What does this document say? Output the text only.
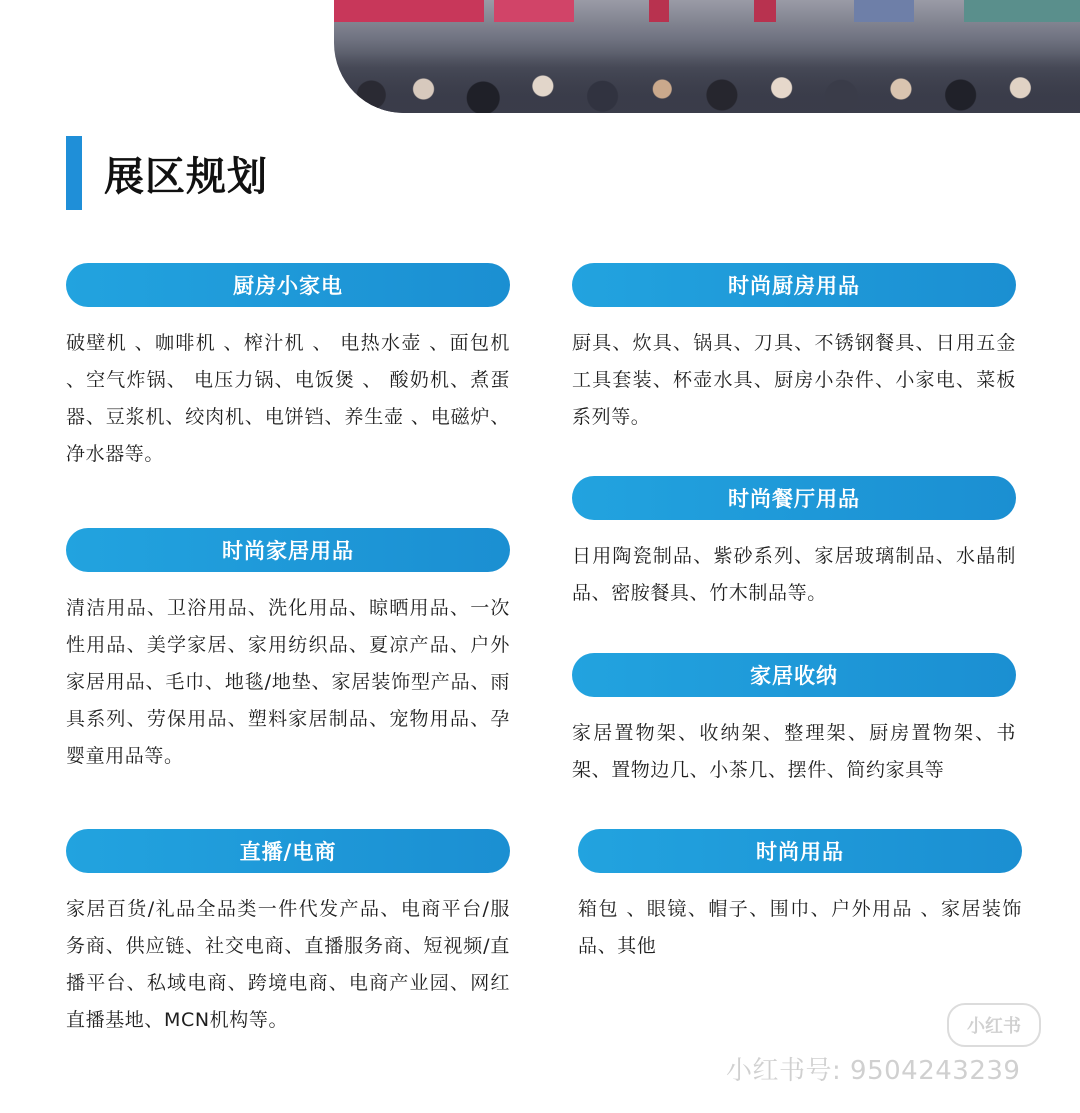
展区规划
厨房小家电
破壁机 、咖啡机 、榨汁机 、 电热水壶 、面包机 、空气炸锅、 电压力锅、电饭煲 、 酸奶机、煮蛋器、豆浆机、绞肉机、电饼铛、养生壶 、电磁炉、净水器等。
时尚家居用品
清洁用品、卫浴用品、洗化用品、晾晒用品、一次性用品、美学家居、家用纺织品、夏凉产品、户外家居用品、毛巾、地毯/地垫、家居装饰型产品、雨具系列、劳保用品、塑料家居制品、宠物用品、孕婴童用品等。
直播/电商
家居百货/礼品全品类一件代发产品、电商平台/服务商、供应链、社交电商、直播服务商、短视频/直播平台、私域电商、跨境电商、电商产业园、网红直播基地、MCN机构等。
时尚厨房用品
厨具、炊具、锅具、刀具、不锈钢餐具、日用五金工具套装、杯壶水具、厨房小杂件、小家电、菜板系列等。
时尚餐厅用品
日用陶瓷制品、紫砂系列、家居玻璃制品、水晶制品、密胺餐具、竹木制品等。
家居收纳
家居置物架、收纳架、整理架、厨房置物架、书架、置物边几、小茶几、摆件、简约家具等
时尚用品
箱包 、眼镜、帽子、围巾、户外用品 、家居装饰品、其他
小红书
小红书号: 9504243239
